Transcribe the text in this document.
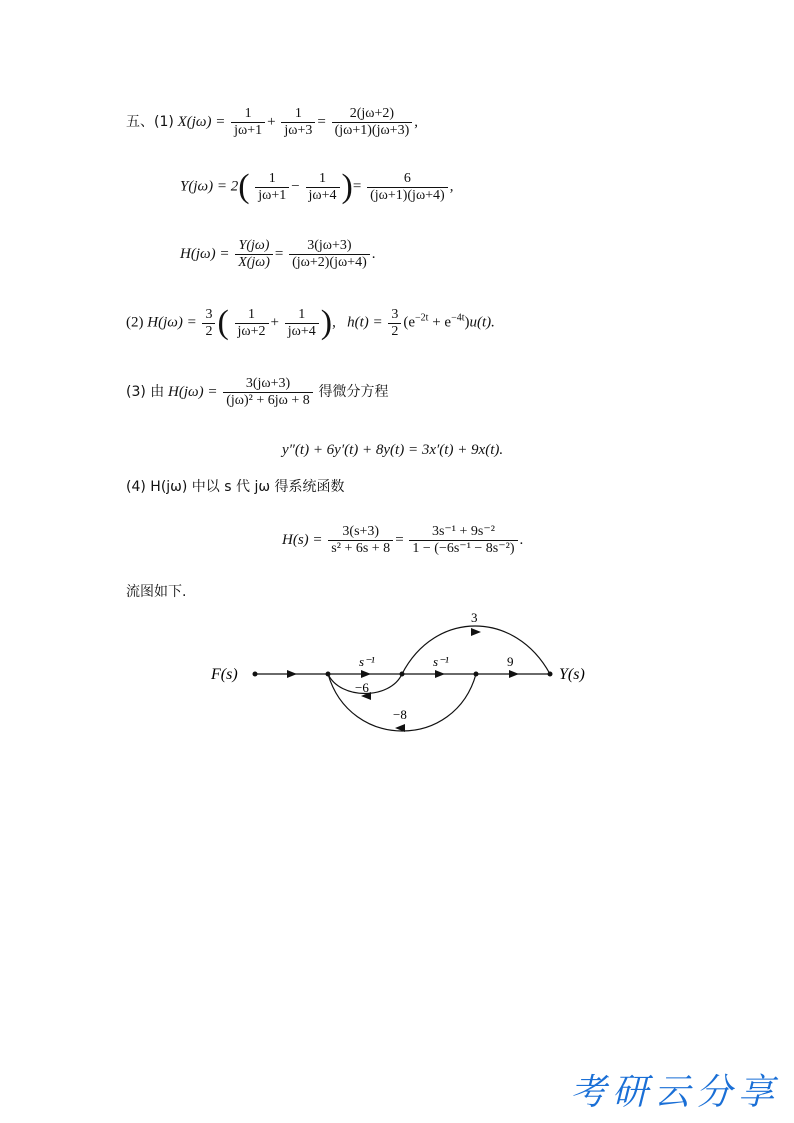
五、(1) $X(j\omega) = \frac{1}{j\omega+1} + \frac{1}{j\omega+3} = \frac{2(j\omega+2)}{(j\omega+1)(j\omega+3)}$ ,
$Y(j\omega) = 2( \frac{1}{j\omega+1} - \frac{1}{j\omega+4}$ )= $\frac{6}{(j\omega+1)(j\omega+4)}$ ,
$H(j\omega) = \frac{Y(j\omega)}{X(j\omega)} = \frac{3(j\omega+3)}{(j\omega+2)(j\omega+4)}$ .
(2) $H(j\omega) = \frac{3}{2}$ ( $\frac{1}{j\omega+2} + \frac{1}{j\omega+4}$ ),   $h(t) = \frac{3}{2} (e^{-2t} + e^{-4t})u(t)$.
(3) 由 $H(j\omega) = \frac{3(j\omega+3)}{\text{(jω)² + 6jω + 8}}$ 得微分方程
y″(t) + 6y′(t) + 8y(t) = 3x′(t) + 9x(t).
(4) H(jω) 中以 s 代 jω 得系统函数
$H(s) = \frac{3(s+3)}{\text{s² + 6s + 8}} = \frac{\text{3s⁻¹ + 9s⁻²}}{\text{1 − (−6s⁻¹ − 8s⁻²)}}$ .
流图如下.
F(s)	Y(s)
3
s⁻¹	s⁻¹	9
−6
−8
考研云分享
